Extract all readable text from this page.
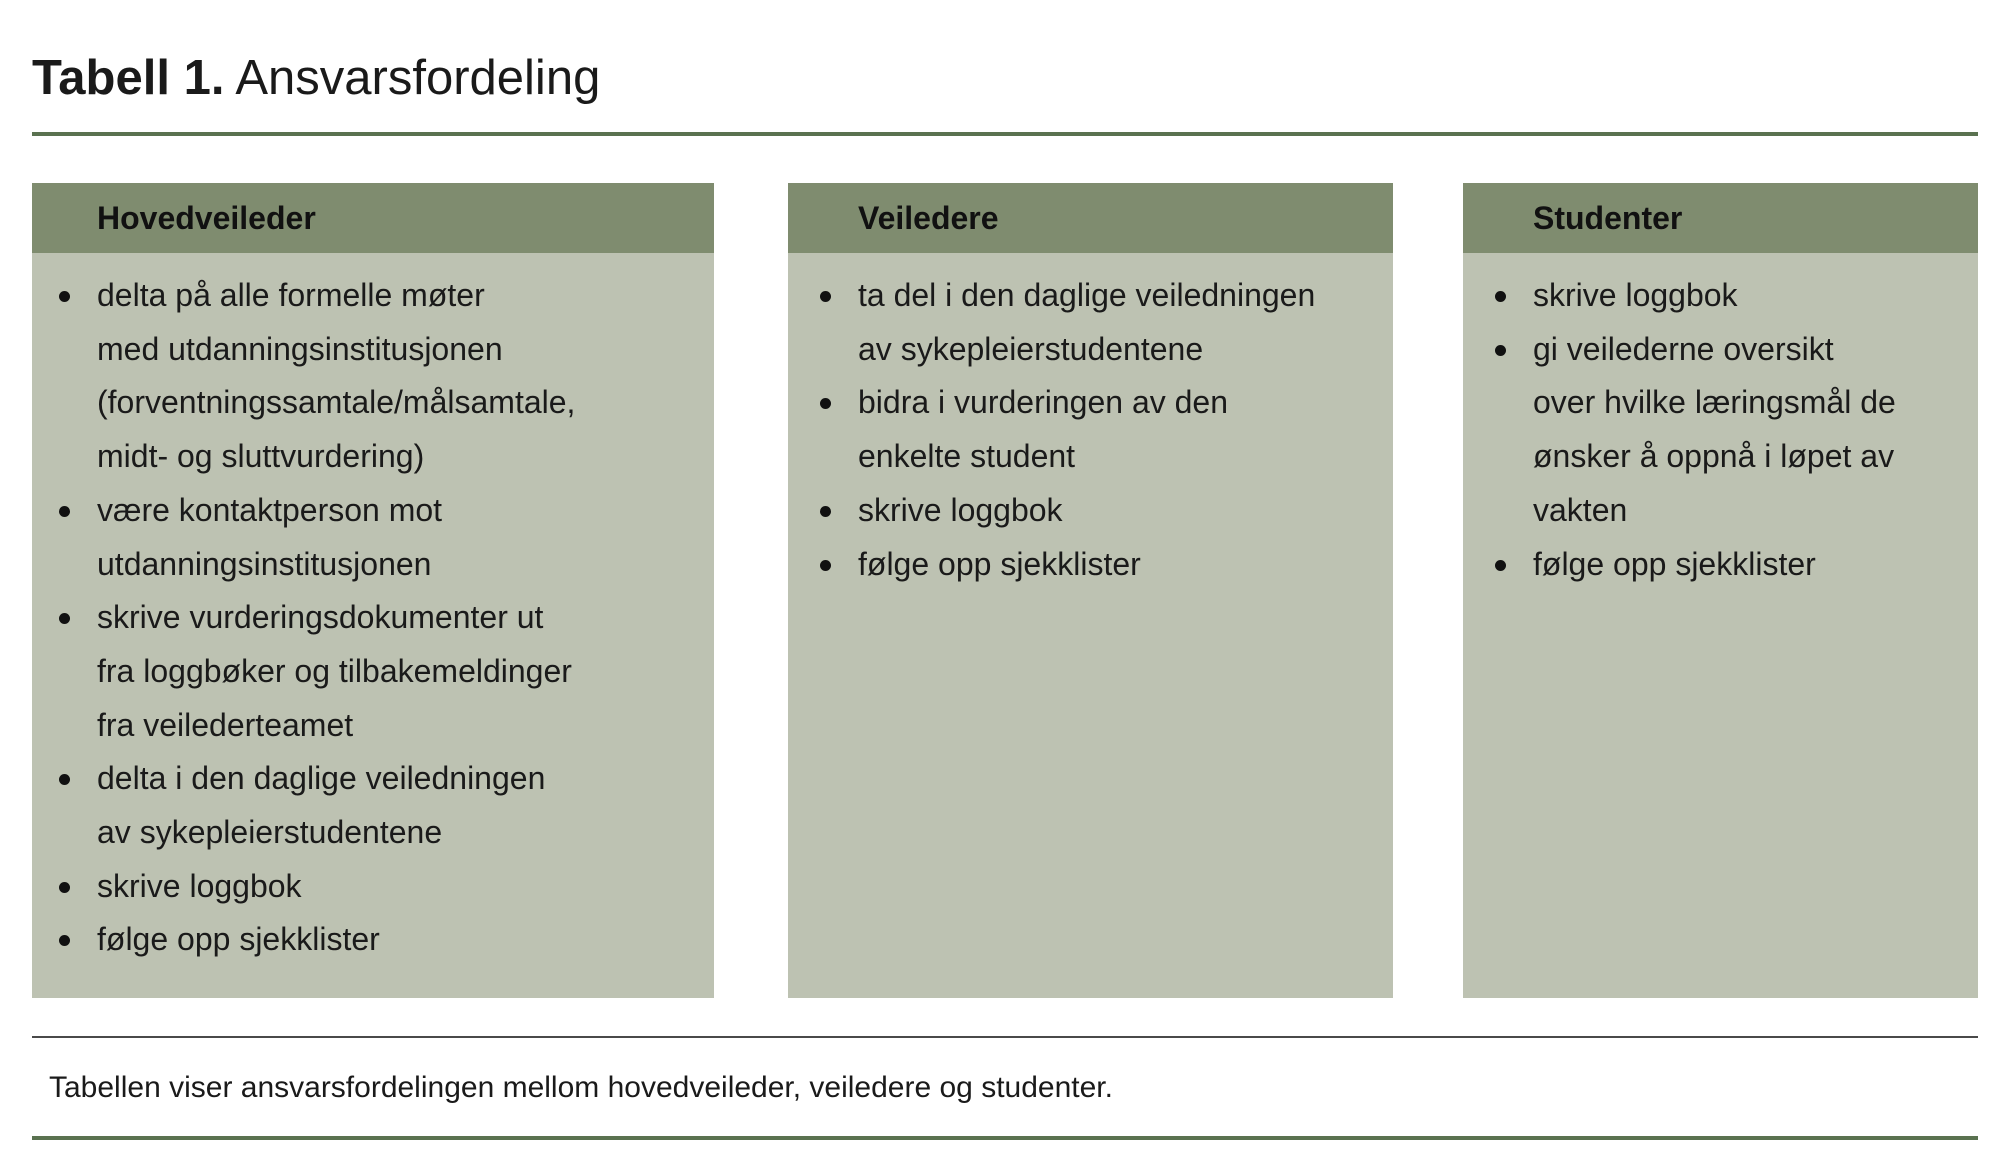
Tabell 1. Ansvarsfordeling
Hovedveileder
delta på alle formelle møter
med utdanningsinstitusjonen
(forventningssamtale/målsamtale,
midt- og sluttvurdering)
være kontaktperson mot
utdanningsinstitusjonen
skrive vurderingsdokumenter ut
fra loggbøker og tilbakemeldinger
fra veilederteamet
delta i den daglige veiledningen
av sykepleierstudentene
skrive loggbok
følge opp sjekklister
Veiledere
ta del i den daglige veiledningen
av sykepleierstudentene
bidra i vurderingen av den
enkelte student
skrive loggbok
følge opp sjekklister
Studenter
skrive loggbok
gi veilederne oversikt
over hvilke læringsmål de
ønsker å oppnå i løpet av
vakten
følge opp sjekklister
Tabellen viser ansvarsfordelingen mellom hovedveileder, veiledere og studenter.
